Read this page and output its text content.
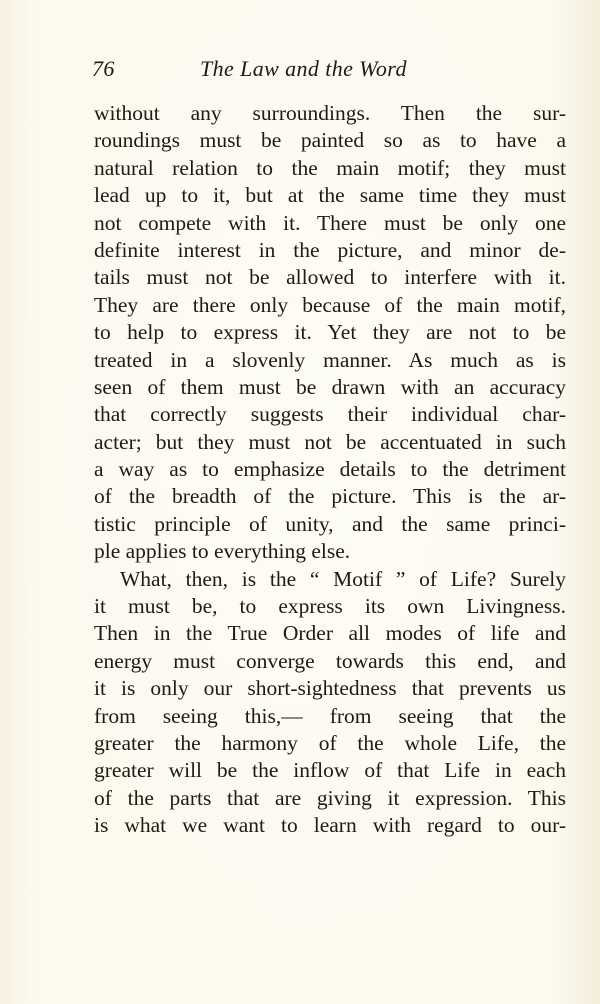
76	The Law and the Word
without any surroundings. Then the sur-
roundings must be painted so as to have a
natural relation to the main motif; they must
lead up to it, but at the same time they must
not compete with it. There must be only one
definite interest in the picture, and minor de-
tails must not be allowed to interfere with it.
They are there only because of the main motif,
to help to express it. Yet they are not to be
treated in a slovenly manner. As much as is
seen of them must be drawn with an accuracy
that correctly suggests their individual char-
acter; but they must not be accentuated in such
a way as to emphasize details to the detriment
of the breadth of the picture. This is the ar-
tistic principle of unity, and the same princi-
ple applies to everything else.
What, then, is the “ Motif ” of Life? Surely
it must be, to express its own Livingness.
Then in the True Order all modes of life and
energy must converge towards this end, and
it is only our short-sightedness that prevents us
from seeing this,— from seeing that the
greater the harmony of the whole Life, the
greater will be the inflow of that Life in each
of the parts that are giving it expression. This
is what we want to learn with regard to our-
